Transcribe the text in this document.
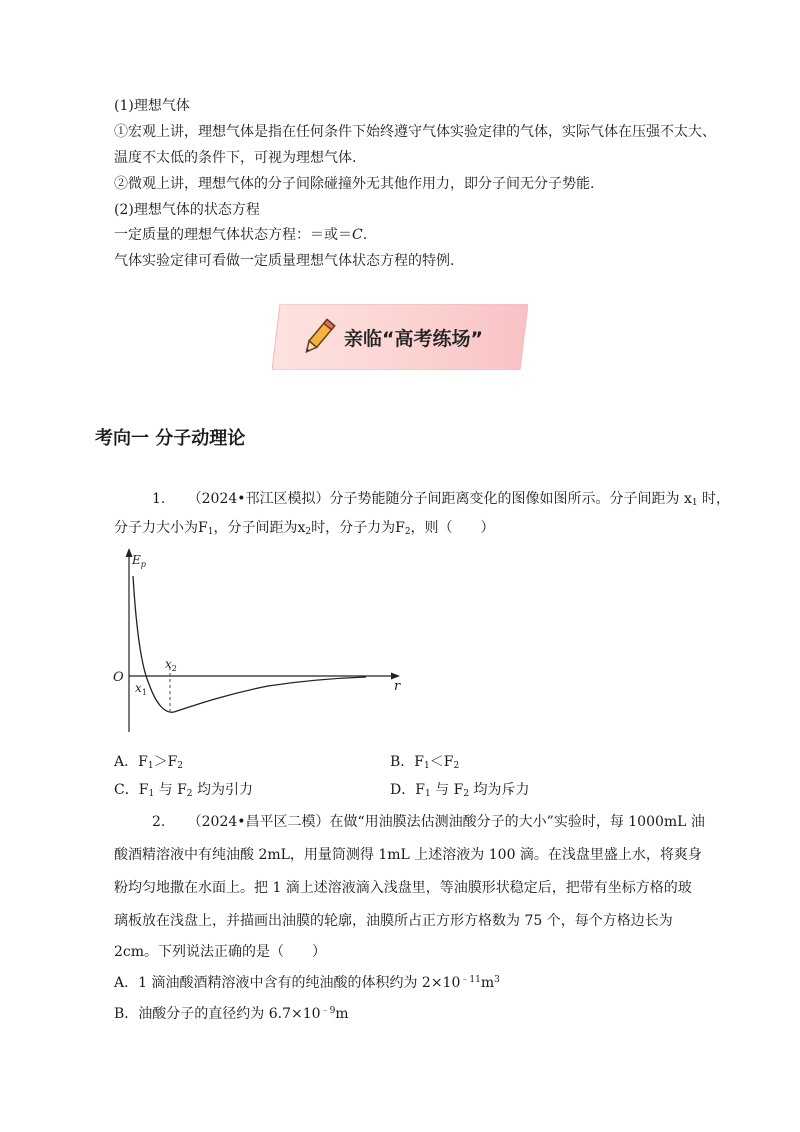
(1)理想气体
①宏观上讲，理想气体是指在任何条件下始终遵守气体实验定律的气体，实际气体在压强不太大、
温度不太低的条件下，可视为理想气体.
②微观上讲，理想气体的分子间除碰撞外无其他作用力，即分子间无分子势能.
(2)理想气体的状态方程
一定质量的理想气体状态方程：＝或＝C.
气体实验定律可看做一定质量理想气体状态方程的特例.
亲临“高考练场”
考向一 分子动理论
1. （2024•邗江区模拟）分子势能随分子间距离变化的图像如图所示。分子间距为 $x_1$ 时，
分子力大小为$F_1$，分子间距为$x_2$时，分子力为$F_2$，则（　　）
$E_p$
O
r
$x_1$
$x_2$
A．$F_1>F_2$	B．$F_1<F_2$
C．$F_1$ 与 $F_2$ 均为引力	D．$F_1$ 与 $F_2$ 均为斥力
2. （2024•昌平区二模）在做“用油膜法估测油酸分子的大小”实验时，每 1000mL 油
酸酒精溶液中有纯油酸 2mL，用量筒测得 1mL 上述溶液为 100 滴。在浅盘里盛上水，将爽身
粉均匀地撒在水面上。把 1 滴上述溶液滴入浅盘里，等油膜形状稳定后，把带有坐标方格的玻
璃板放在浅盘上，并描画出油膜的轮廓，油膜所占正方形方格数为 75 个，每个方格边长为
2cm。下列说法正确的是（　　）
A．1 滴油酸酒精溶液中含有的纯油酸的体积约为 $2\times 10^{﹣11}m^3$
B．油酸分子的直径约为 $6.7\times 10^{﹣9}m$
